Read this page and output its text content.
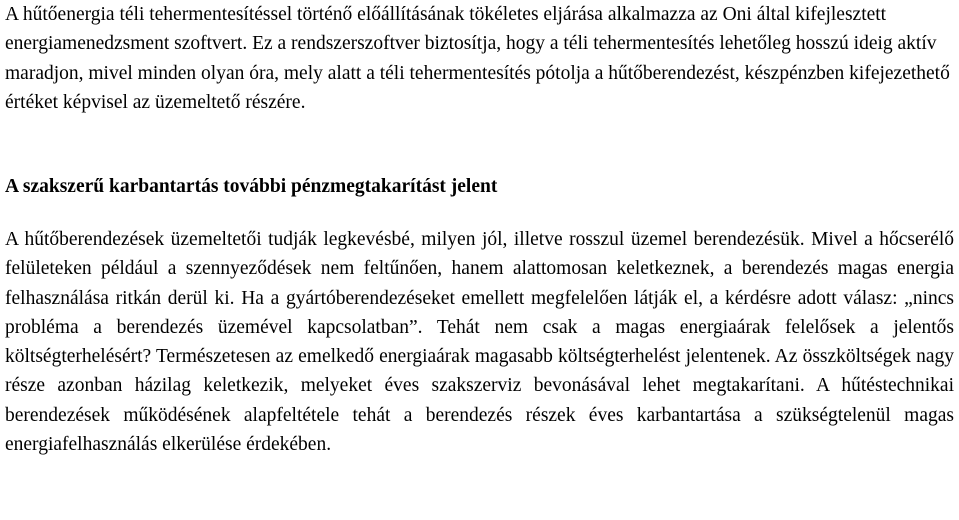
A hűtőenergia téli tehermentesítéssel történő előállításának tökéletes eljárása alkalmazza az Oni által kifejlesztett energiamenedzsment szoftvert. Ez a rendszerszoftver biztosítja, hogy a téli tehermentesítés lehetőleg hosszú ideig aktív maradjon, mivel minden olyan óra, mely alatt a téli tehermentesítés pótolja a hűtőberendezést, készpénzben kifejezethető értéket képvisel az üzemeltető részére.

A szakszerű karbantartás további pénzmegtakarítást jelent

A hűtőberendezések üzemeltetői tudják legkevésbé, milyen jól, illetve rosszul üzemel berendezésük. Mivel a hőcserélő felületeken például a szennyeződések nem feltűnően, hanem alattomosan keletkeznek, a berendezés magas energia felhasználása ritkán derül ki. Ha a gyártóberendezéseket emellett megfelelően látják el, a kérdésre adott válasz: „nincs probléma a berendezés üzemével kapcsolatban”. Tehát nem csak a magas energiaárak felelősek a jelentős költségterhelésért? Természetesen az emelkedő energiaárak magasabb költségterhelést jelentenek. Az összköltségek nagy része azonban házilag keletkezik, melyeket éves szakszerviz bevonásával lehet megtakarítani. A hűtéstechnikai berendezések működésének alapfeltétele tehát a berendezés részek éves karbantartása a szükségtelenül magas energiafelhasználás elkerülése érdekében.
